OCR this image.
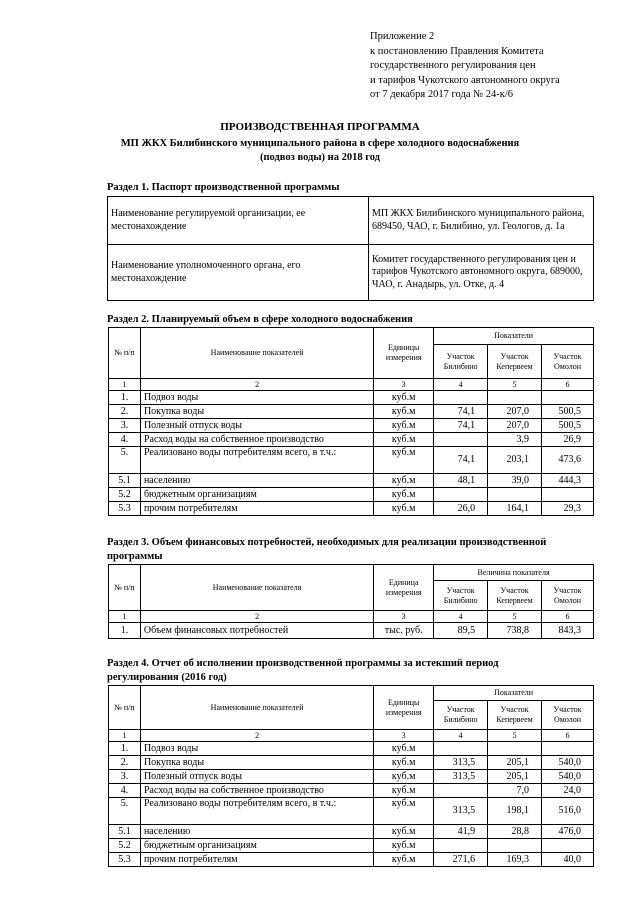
Приложение 2
к постановлению Правления Комитета
государственного регулирования цен
и тарифов Чукотского автономного округа
от 7 декабря 2017 года № 24-к/6
ПРОИЗВОДСТВЕННАЯ ПРОГРАММА
МП ЖКХ Билибинского муниципального района в сфере холодного водоснабжения
(подвоз воды) на 2018 год
Раздел 1. Паспорт производственной программы
Наименование регулируемой организации, ее местонахождение	МП ЖКХ Билибинского муниципального района, 689450, ЧАО, г. Билибино, ул. Геологов, д. 1а
Наименование уполномоченного органа, его местонахождение	Комитет государственного регулирования цен и тарифов Чукотского автономного округа, 689000, ЧАО, г. Анадырь, ул. Отке, д. 4
Раздел 2. Планируемый объем в сфере холодного водоснабжения
№ п/п	Наименование показателей	Единицы измерения	Показатели		
			Участок Билибино	Участок Кепервеем	Участок Омолон
1	2	3	4	5	6
1.	Подвоз воды	куб.м			
2.	Покупка воды	куб.м	74,1	207,0	500,5
3.	Полезный отпуск воды	куб.м	74,1	207,0	500,5
4.	Расход воды на собственное производство	куб.м		3,9	26,9
5.	Реализовано воды потребителям всего, в т.ч.:	куб.м	74,1	203,1	473,6
5.1	населению	куб.м	48,1	39,0	444,3
5.2	бюджетным организациям	куб.м			
5.3	прочим потребителям	куб.м	26,0	164,1	29,3
Раздел 3. Объем финансовых потребностей, необходимых для реализации производственной
программы
№ п/п	Наименование показателя	Единица измерения	Величина показателя		
			Участок Билибино	Участок Кепервеем	Участок Омолон
1	2	3	4	5	6
1.	Объем финансовых потребностей	тыс. руб.	89,5	738,8	843,3
Раздел 4. Отчет об исполнении производственной программы за истекший период
регулирования (2016 год)
№ п/п	Наименование показателей	Единицы измерения	Показатели		
			Участок Билибино	Участок Кепервеем	Участок Омолон
1	2	3	4	5	6
1.	Подвоз воды	куб.м			
2.	Покупка воды	куб.м	313,5	205,1	540,0
3.	Полезный отпуск воды	куб.м	313,5	205,1	540,0
4.	Расход воды на собственное производство	куб.м		7,0	24,0
5.	Реализовано воды потребителям всего, в т.ч.:	куб.м	313,5	198,1	516,0
5.1	населению	куб.м	41,9	28,8	476,0
5.2	бюджетным организациям	куб.м			
5.3	прочим потребителям	куб.м	271,6	169,3	40,0
